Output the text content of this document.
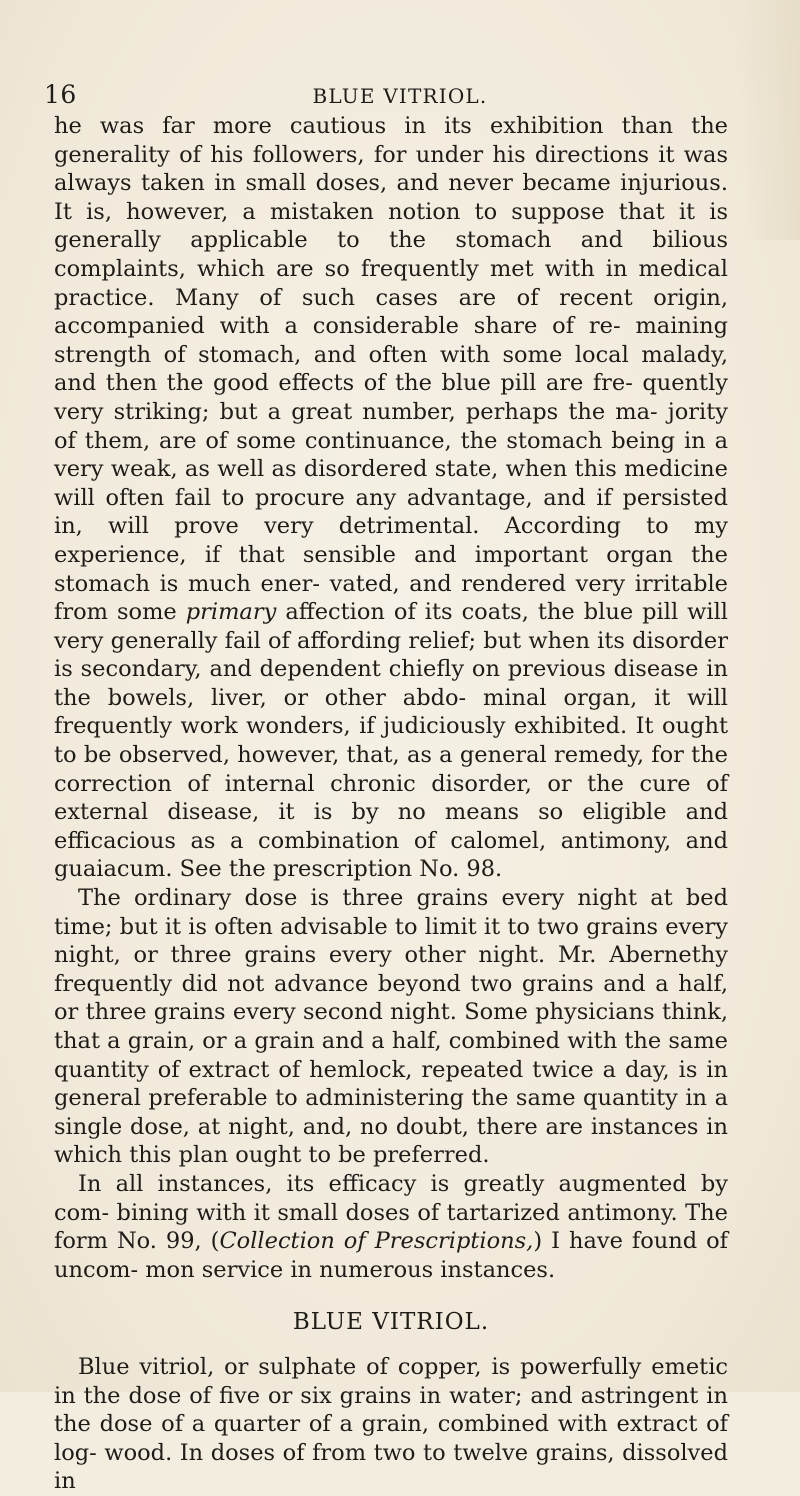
16	BLUE VITRIOL.

he was far more cautious in its exhibition than the generality of his followers, for under his directions it was always taken in small doses, and never became injurious. It is, however, a mistaken notion to suppose that it is generally applicable to the stomach and bilious complaints, which are so frequently met with in medical practice. Many of such cases are of recent origin, accompanied with a considerable share of re- maining strength of stomach, and often with some local malady, and then the good effects of the blue pill are fre- quently very striking; but a great number, perhaps the ma- jority of them, are of some continuance, the stomach being in a very weak, as well as disordered state, when this medicine will often fail to procure any advantage, and if persisted in, will prove very detrimental. According to my experience, if that sensible and important organ the stomach is much ener- vated, and rendered very irritable from some primary affection of its coats, the blue pill will very generally fail of affording relief; but when its disorder is secondary, and dependent chiefly on previous disease in the bowels, liver, or other abdo- minal organ, it will frequently work wonders, if judiciously exhibited. It ought to be observed, however, that, as a general remedy, for the correction of internal chronic disorder, or the cure of external disease, it is by no means so eligible and efficacious as a combination of calomel, antimony, and guaiacum. See the prescription No. 98.

The ordinary dose is three grains every night at bed time; but it is often advisable to limit it to two grains every night, or three grains every other night. Mr. Abernethy frequently did not advance beyond two grains and a half, or three grains every second night. Some physicians think, that a grain, or a grain and a half, combined with the same quantity of extract of hemlock, repeated twice a day, is in general preferable to administering the same quantity in a single dose, at night, and, no doubt, there are instances in which this plan ought to be preferred.

In all instances, its efficacy is greatly augmented by com- bining with it small doses of tartarized antimony. The form No. 99, (Collection of Prescriptions,) I have found of uncom- mon service in numerous instances.

BLUE VITRIOL.

Blue vitriol, or sulphate of copper, is powerfully emetic in the dose of five or six grains in water; and astringent in the dose of a quarter of a grain, combined with extract of log- wood. In doses of from two to twelve grains, dissolved in
